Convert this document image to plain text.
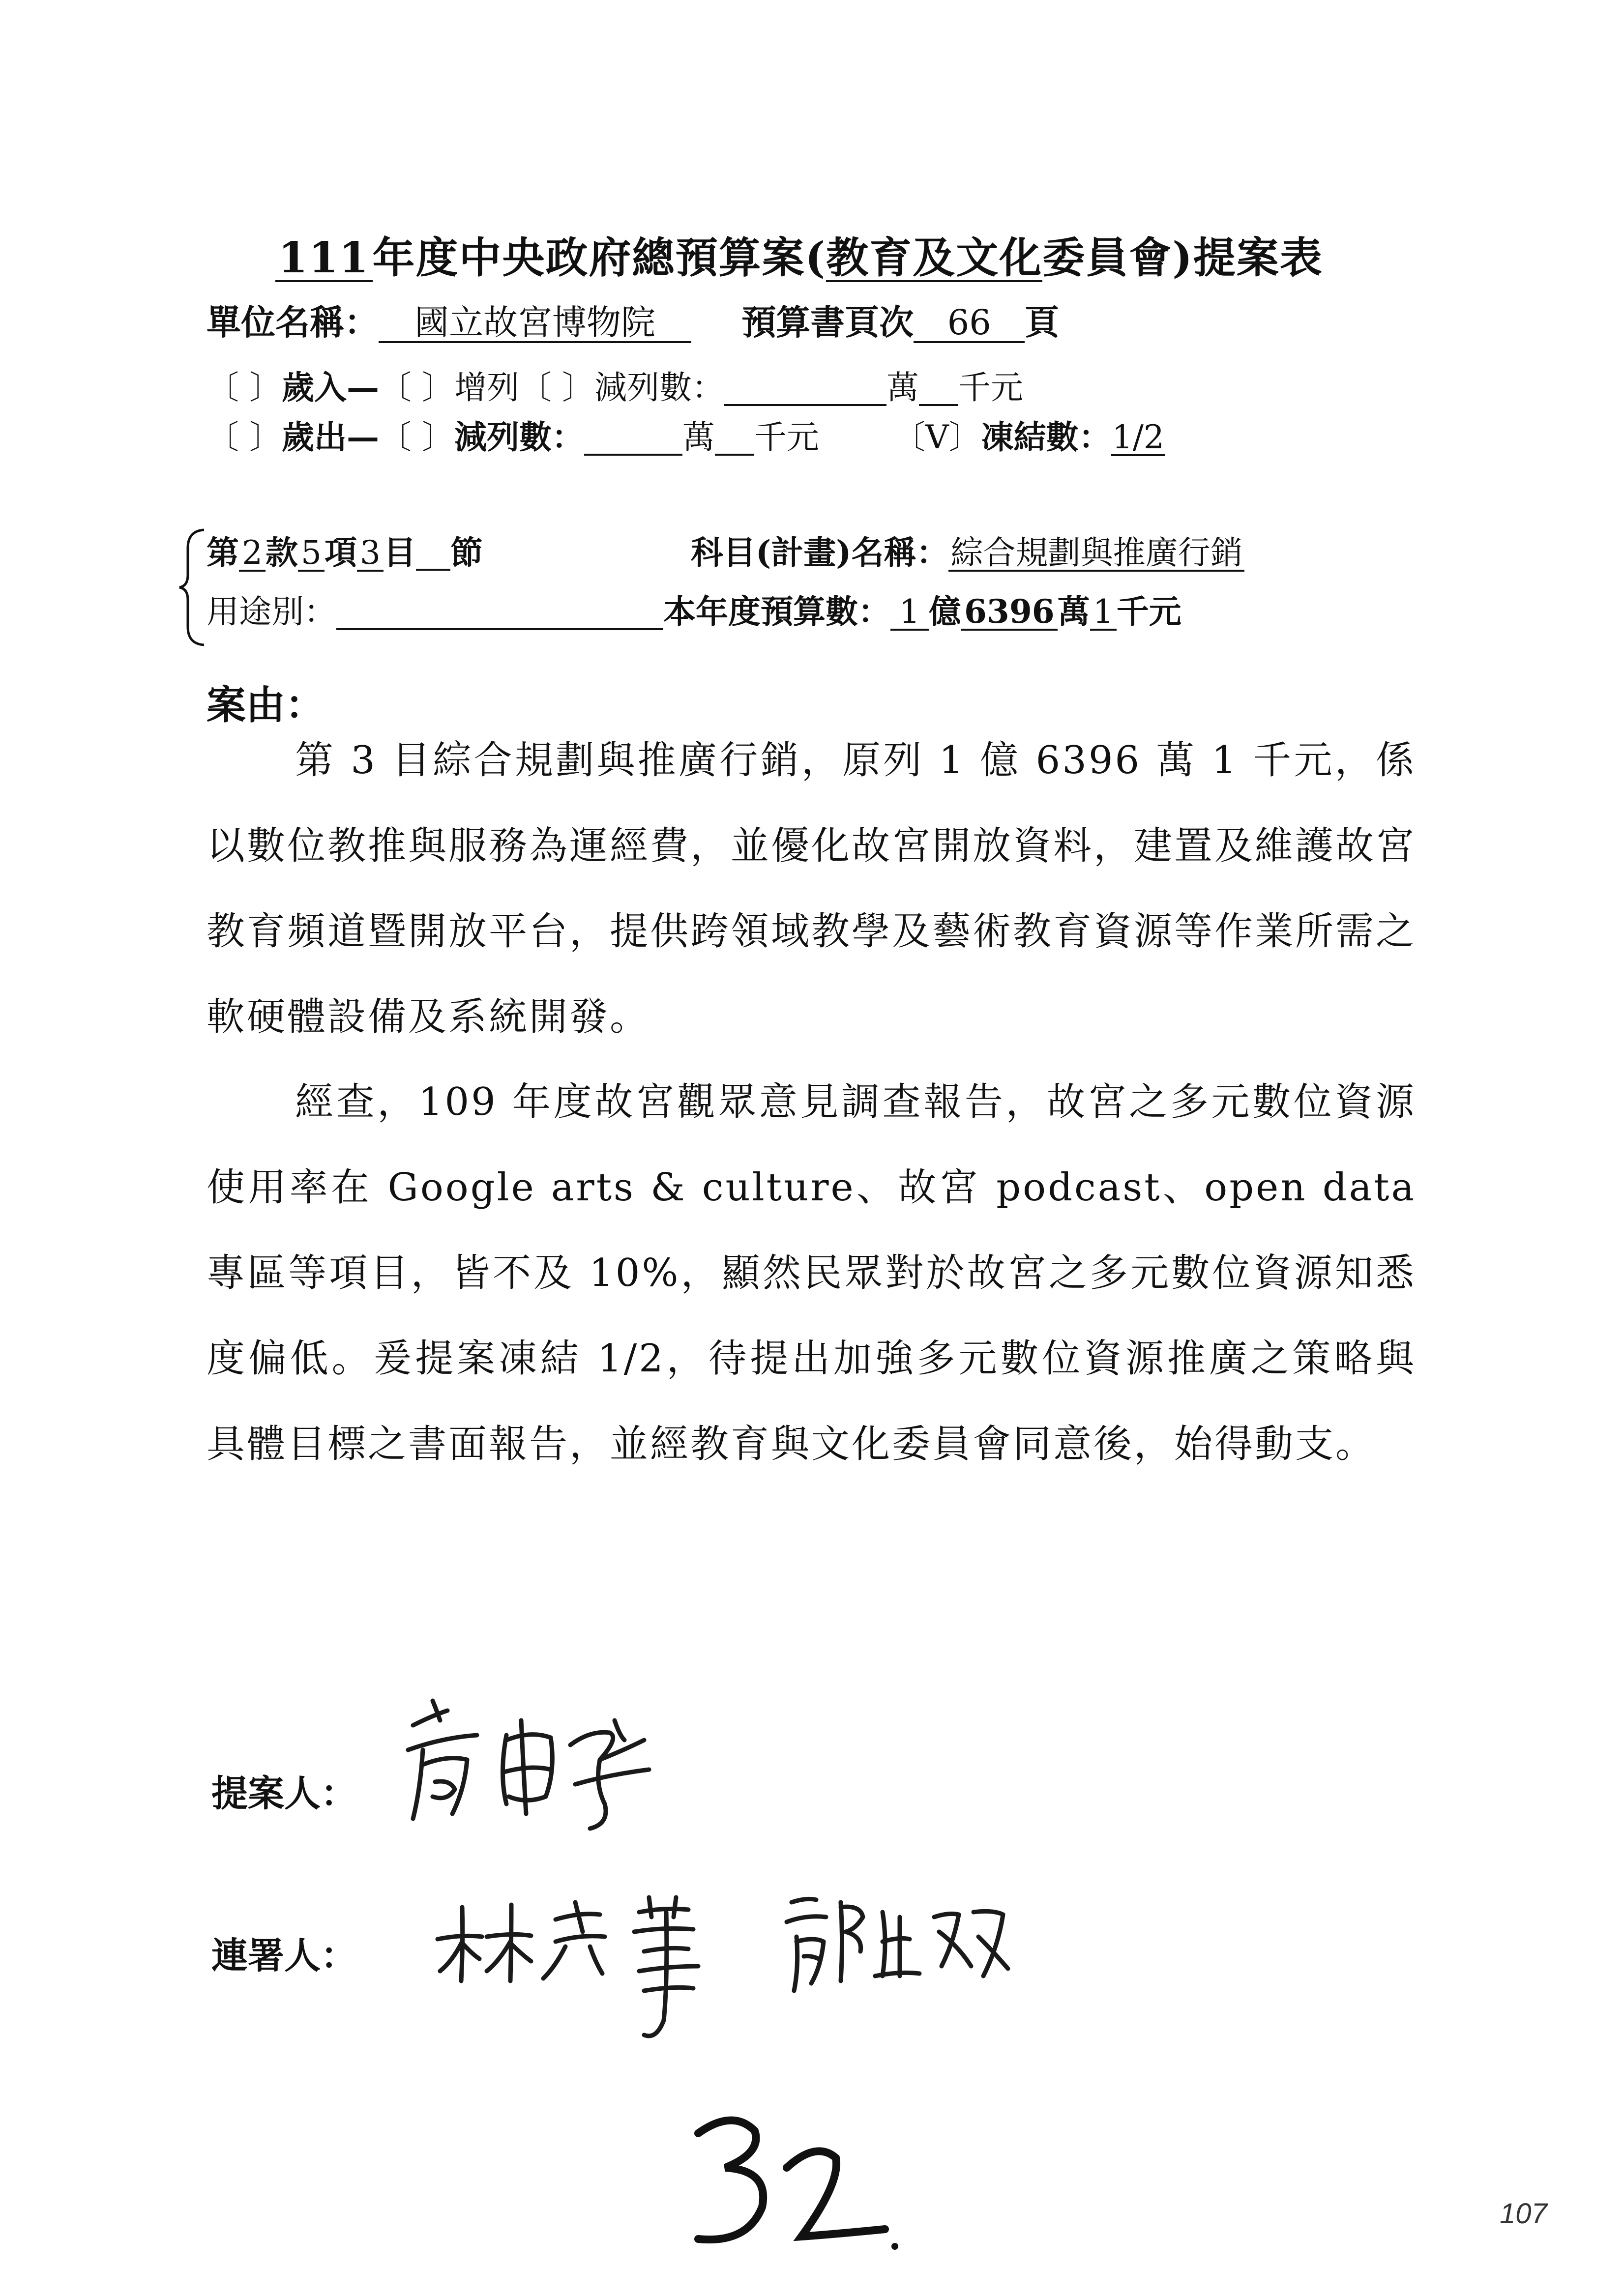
111年度中央政府總預算案(教育及文化委員會)提案表
單位名稱： 國立故宮博物院	預算書頁次 66 頁
〔 〕歲入—〔 〕增列〔 〕減列數：	萬 千元
〔 〕歲出—〔 〕減列數：	萬 千元 〔V〕凍結數：1/2
第2款5項3目 節	科目(計畫)名稱：綜合規劃與推廣行銷
用途別：	本年度預算數： 1 億6396萬1千元
案由：
第 3 目綜合規劃與推廣行銷，原列 1 億 6396 萬 1 千元，係以數位教推與服務為運經費，並優化故宮開放資料，建置及維護故宮教育頻道暨開放平台，提供跨領域教學及藝術教育資源等作業所需之軟硬體設備及系統開發。
經查，109 年度故宮觀眾意見調查報告，故宮之多元數位資源使用率在 Google arts & culture、故宮 podcast、open data 專區等項目，皆不及 10%，顯然民眾對於故宮之多元數位資源知悉度偏低。爰提案凍結 1/2，待提出加強多元數位資源推廣之策略與具體目標之書面報告，並經教育與文化委員會同意後，始得動支。
提案人：
連署人：
107
